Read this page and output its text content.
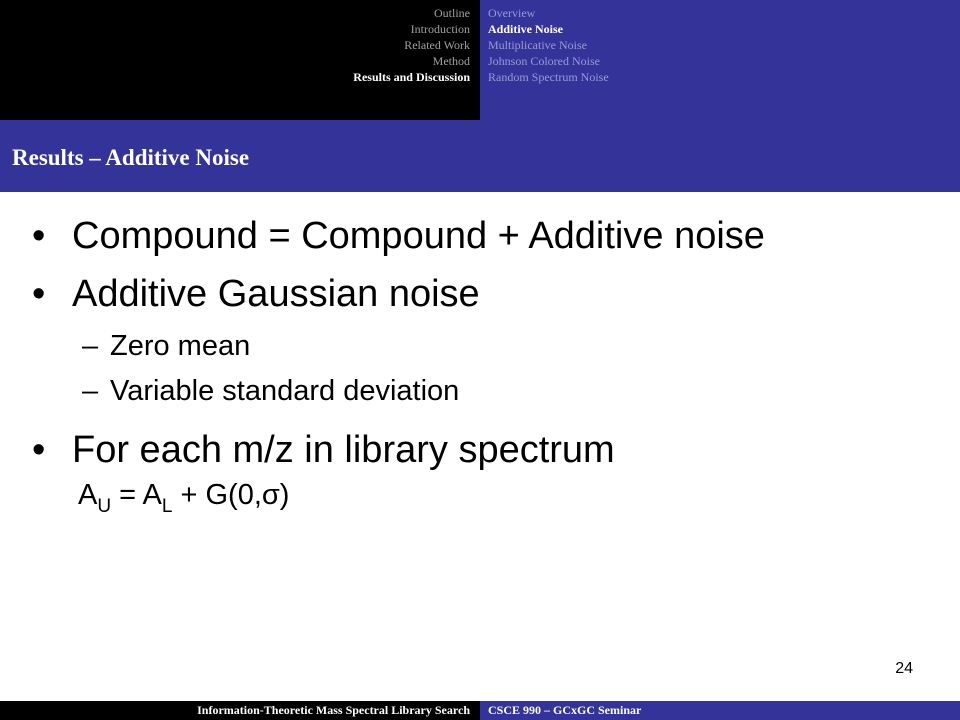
Outline
Introduction
Related Work
Method
Results and Discussion
Overview
Additive Noise
Multiplicative Noise
Johnson Colored Noise
Random Spectrum Noise
Results – Additive Noise
• Compound = Compound + Additive noise
• Additive Gaussian noise
– Zero mean
– Variable standard deviation
• For each m/z in library spectrum
$A_U = A_L + G(0,\sigma)$
24
Information-Theoretic Mass Spectral Library Search CSCE 990 – GCxGC Seminar
